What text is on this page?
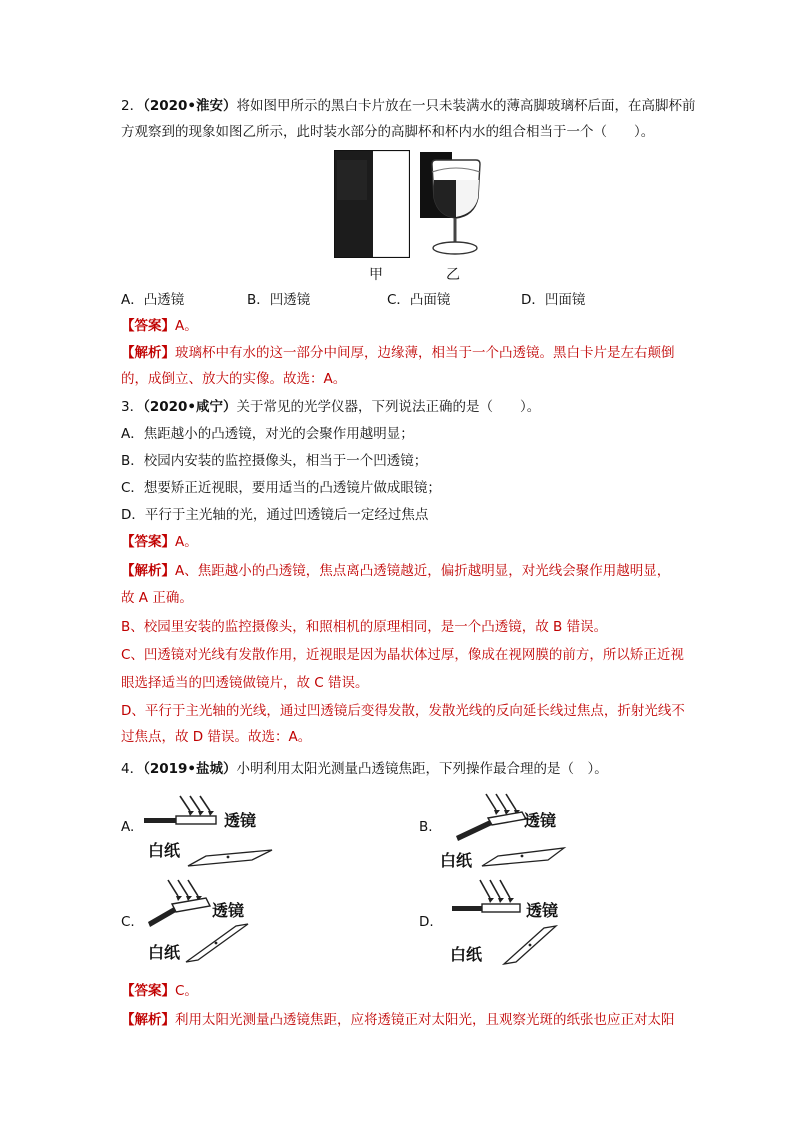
2．（2020•淮安）将如图甲所示的黑白卡片放在一只未装满水的薄高脚玻璃杯后面，在高脚杯前
方观察到的现象如图乙所示，此时装水部分的高脚杯和杯内水的组合相当于一个（　　）。
甲	乙
A．凸透镜	B．凹透镜	C．凸面镜	D．凹面镜
【答案】A。
【解析】玻璃杯中有水的这一部分中间厚，边缘薄，相当于一个凸透镜。黑白卡片是左右颠倒
的，成倒立、放大的实像。故选：A。
3．（2020•咸宁）关于常见的光学仪器，下列说法正确的是（　　）。
A．焦距越小的凸透镜，对光的会聚作用越明显；
B．校园内安装的监控摄像头，相当于一个凹透镜；
C．想要矫正近视眼，要用适当的凸透镜片做成眼镜；
D．平行于主光轴的光，通过凹透镜后一定经过焦点
【答案】A。
【解析】A、焦距越小的凸透镜，焦点离凸透镜越近，偏折越明显，对光线会聚作用越明显，
故 A 正确。
B、校园里安装的监控摄像头，和照相机的原理相同，是一个凸透镜，故 B 错误。
C、凹透镜对光线有发散作用，近视眼是因为晶状体过厚，像成在视网膜的前方，所以矫正近视
眼选择适当的凹透镜做镜片，故 C 错误。
D、平行于主光轴的光线，通过凹透镜后变得发散，发散光线的反向延长线过焦点，折射光线不
过焦点，故 D 错误。故选：A。
4．（2019•盐城）小明利用太阳光测量凸透镜焦距，下列操作最合理的是（　）。
A.	透镜
白纸
B.	透镜
白纸
C.
透镜
白纸
D.
透镜
白纸
【答案】C。
【解析】利用太阳光测量凸透镜焦距，应将透镜正对太阳光，且观察光斑的纸张也应正对太阳
